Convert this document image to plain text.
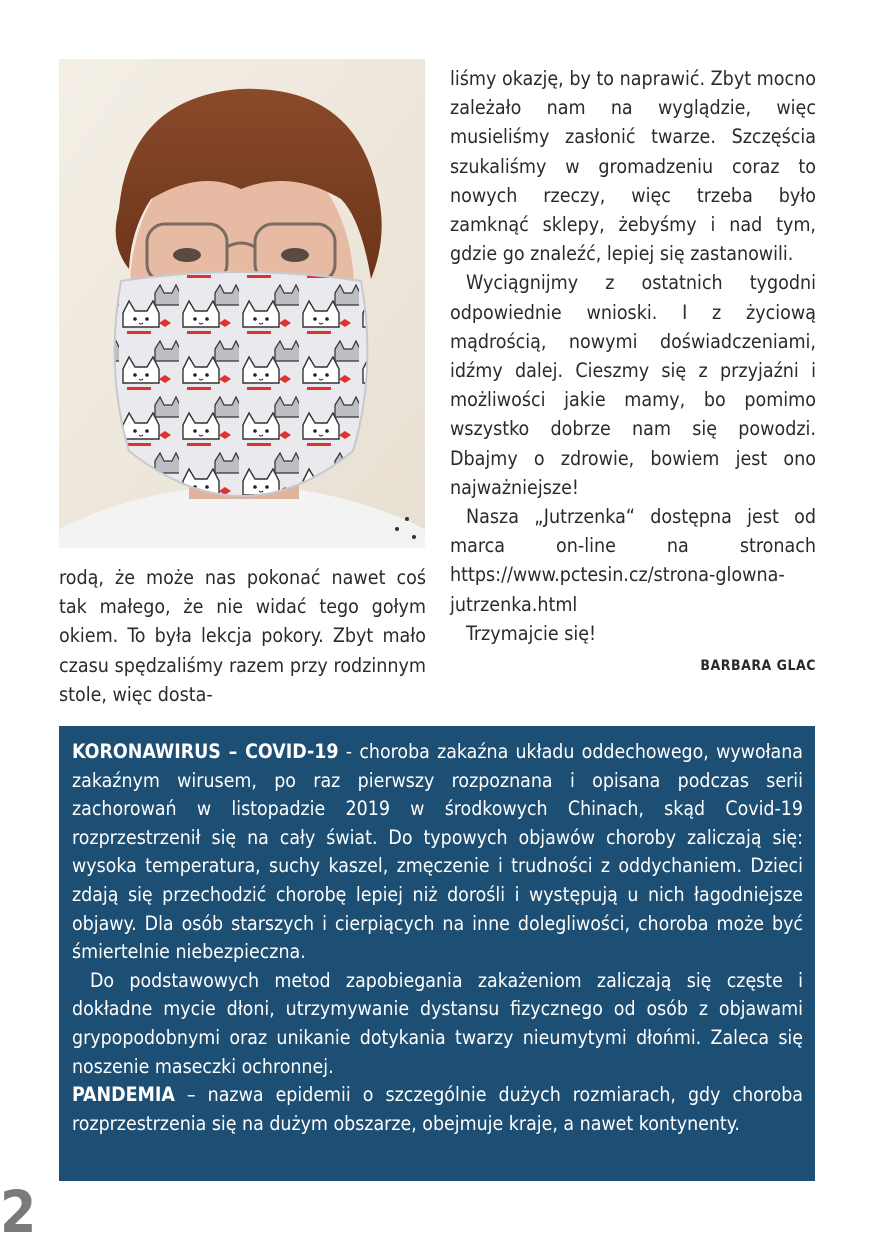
rodą, że może nas pokonać nawet coś tak małego, że nie widać tego gołym okiem. To była lekcja pokory. Zbyt mało czasu spędzaliśmy razem przy rodzinnym stole, więc dosta-

liśmy okazję, by to naprawić. Zbyt mocno zależało nam na wyglądzie, więc musieliśmy zasłonić twarze. Szczęścia szukaliśmy w gromadzeniu coraz to nowych rzeczy, więc trzeba było zamknąć sklepy, żebyśmy i nad tym, gdzie go znaleźć, lepiej się zastanowili.

Wyciągnijmy z ostatnich tygodni odpowiednie wnioski. I z życiową mądrością, nowymi doświadczeniami, idźmy dalej. Cieszmy się z przyjaźni i możliwości jakie mamy, bo pomimo wszystko dobrze nam się powodzi. Dbajmy o zdrowie, bowiem jest ono najważniejsze!

Nasza „Jutrzenka“ dostępna jest od marca on-line na stronach https://www.pctesin.cz/strona-glowna-jutrzenka.html

Trzymajcie się!

BARBARA GLAC

KORONAWIRUS – COVID-19 - choroba zakaźna układu oddechowego, wywołana zakaźnym wirusem, po raz pierwszy rozpoznana i opisana podczas serii zachorowań w listopadzie 2019 w środkowych Chinach, skąd Covid-19 rozprzestrzenił się na cały świat. Do typowych objawów choroby zaliczają się: wysoka temperatura, suchy kaszel, zmęczenie i trudności z oddychaniem. Dzieci zdają się przechodzić chorobę lepiej niż dorośli i występują u nich łagodniejsze objawy. Dla osób starszych i cierpiących na inne dolegliwości, choroba może być śmiertelnie niebezpieczna.

Do podstawowych metod zapobiegania zakażeniom zaliczają się częste i dokładne mycie dłoni, utrzymywanie dystansu fizycznego od osób z objawami grypopodobnymi oraz unikanie dotykania twarzy nieumytymi dłońmi. Zaleca się noszenie maseczki ochronnej.

PANDEMIA – nazwa epidemii o szczególnie dużych rozmiarach, gdy choroba rozprzestrzenia się na dużym obszarze, obejmuje kraje, a nawet kontynenty.

2
